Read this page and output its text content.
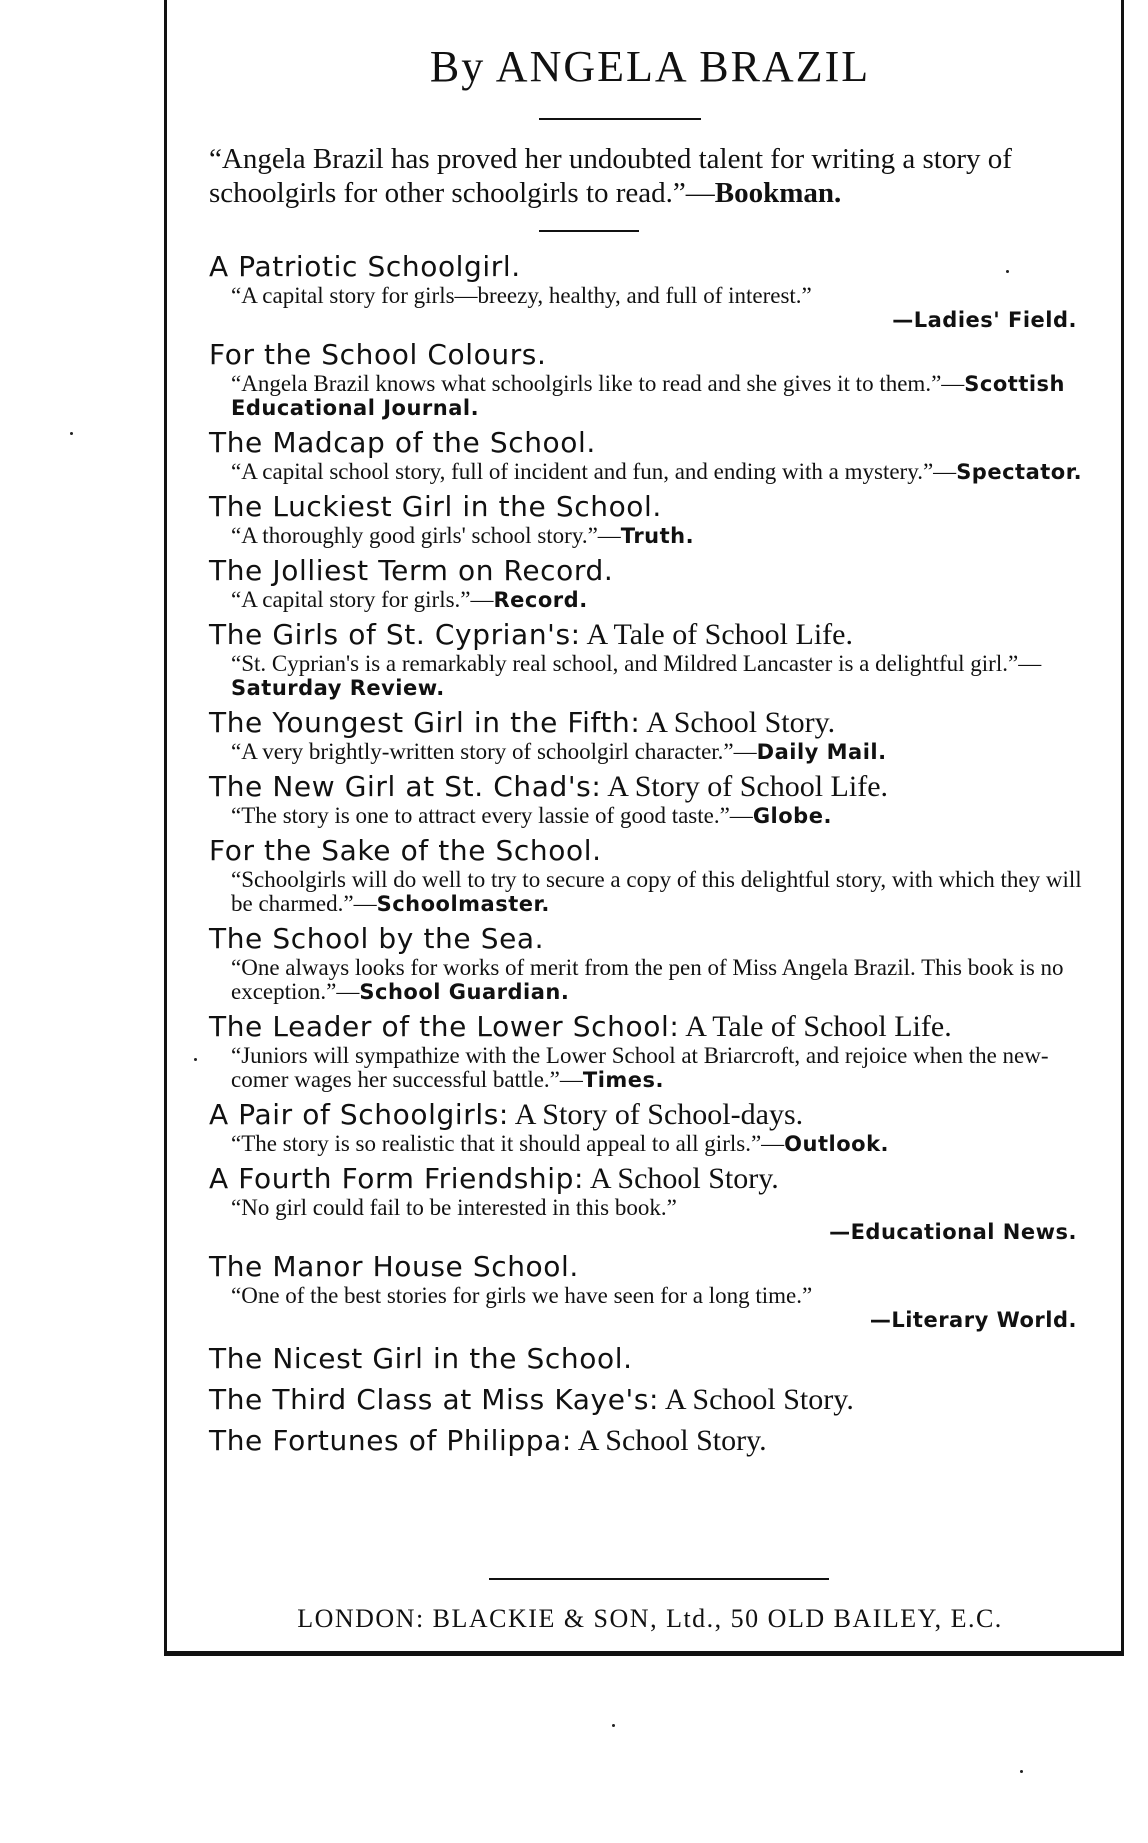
By ANGELA BRAZIL
“Angela Brazil has proved her undoubted talent for writing a story of schoolgirls for other schoolgirls to read.”—Bookman.
A Patriotic Schoolgirl.
“A capital story for girls—breezy, healthy, and full of interest.”
—Ladies' Field.
For the School Colours.
“Angela Brazil knows what schoolgirls like to read and she gives it to them.”—Scottish Educational Journal.
The Madcap of the School.
“A capital school story, full of incident and fun, and ending with a mystery.”—Spectator.
The Luckiest Girl in the School.
“A thoroughly good girls' school story.”—Truth.
The Jolliest Term on Record.
“A capital story for girls.”—Record.
The Girls of St. Cyprian's: A Tale of School Life.
“St. Cyprian's is a remarkably real school, and Mildred Lancaster is a delightful girl.”—Saturday Review.
The Youngest Girl in the Fifth: A School Story.
“A very brightly-written story of schoolgirl character.”—Daily Mail.
The New Girl at St. Chad's: A Story of School Life.
“The story is one to attract every lassie of good taste.”—Globe.
For the Sake of the School.
“Schoolgirls will do well to try to secure a copy of this delightful story, with which they will be charmed.”—Schoolmaster.
The School by the Sea.
“One always looks for works of merit from the pen of Miss Angela Brazil. This book is no exception.”—School Guardian.
The Leader of the Lower School: A Tale of School Life.
“Juniors will sympathize with the Lower School at Briarcroft, and rejoice when the new-comer wages her successful battle.”—Times.
A Pair of Schoolgirls: A Story of School-days.
“The story is so realistic that it should appeal to all girls.”—Outlook.
A Fourth Form Friendship: A School Story.
“No girl could fail to be interested in this book.”
—Educational News.
The Manor House School.
“One of the best stories for girls we have seen for a long time.”
—Literary World.
The Nicest Girl in the School.
The Third Class at Miss Kaye's: A School Story.
The Fortunes of Philippa: A School Story.
LONDON: BLACKIE & SON, Ltd., 50 OLD BAILEY, E.C.
